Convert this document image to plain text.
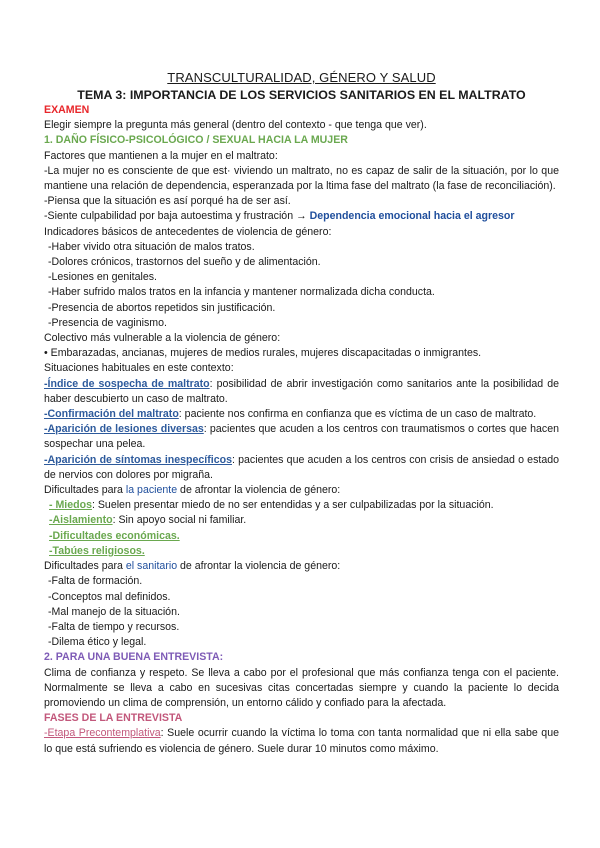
TRANSCULTURALIDAD, GÉNERO Y SALUD

TEMA 3: IMPORTANCIA DE LOS SERVICIOS SANITARIOS EN EL MALTRATO

EXAMEN

Elegir siempre la pregunta más general (dentro del contexto - que tenga que ver).

1. DAÑO FÍSICO-PSICOLÓGICO / SEXUAL HACIA LA MUJER

Factores que mantienen a la mujer en el maltrato:

-La mujer no es consciente de que est· viviendo un maltrato, no es capaz de salir de la situación, por lo que mantiene una relación de dependencia, esperanzada por la ltima fase del maltrato (la fase de reconciliación).

-Piensa que la situación es así porqué ha de ser así.

-Siente culpabilidad por baja autoestima y frustración → Dependencia emocional hacia el agresor

Indicadores básicos de antecedentes de violencia de género:

-Haber vivido otra situación de malos tratos.

-Dolores crónicos, trastornos del sueño y de alimentación.

-Lesiones en genitales.

-Haber sufrido malos tratos en la infancia y mantener normalizada dicha conducta.

-Presencia de abortos repetidos sin justificación.

-Presencia de vaginismo.

Colectivo más vulnerable a la violencia de género:

• Embarazadas, ancianas, mujeres de medios rurales, mujeres discapacitadas o inmigrantes.

Situaciones habituales en este contexto:

-Índice de sospecha de maltrato: posibilidad de abrir investigación como sanitarios ante la posibilidad de haber descubierto un caso de maltrato.

-Confirmación del maltrato: paciente nos confirma en confianza que es víctima de un caso de maltrato.

-Aparición de lesiones diversas: pacientes que acuden a los centros con traumatismos o cortes que hacen sospechar una pelea.

-Aparición de síntomas inespecíficos: pacientes que acuden a los centros con crisis de ansiedad o estado de nervios con dolores por migraña.

Dificultades para la paciente de afrontar la violencia de género:

- Miedos: Suelen presentar miedo de no ser entendidas y a ser culpabilizadas por la situación.

-Aislamiento: Sin apoyo social ni familiar.

-Dificultades económicas.

-Tabúes religiosos.

Dificultades para el sanitario de afrontar la violencia de género:

-Falta de formación.

-Conceptos mal definidos.

-Mal manejo de la situación.

-Falta de tiempo y recursos.

-Dilema ético y legal.

2. PARA UNA BUENA ENTREVISTA:

Clima de confianza y respeto. Se lleva a cabo por el profesional que más confianza tenga con el paciente. Normalmente se lleva a cabo en sucesivas citas concertadas siempre y cuando la paciente lo decida promoviendo un clima de comprensión, un entorno cálido y confiado para la afectada.

FASES DE LA ENTREVISTA

-Etapa Precontemplativa: Suele ocurrir cuando la víctima lo toma con tanta normalidad que ni ella sabe que lo que está sufriendo es violencia de género. Suele durar 10 minutos como máximo.
